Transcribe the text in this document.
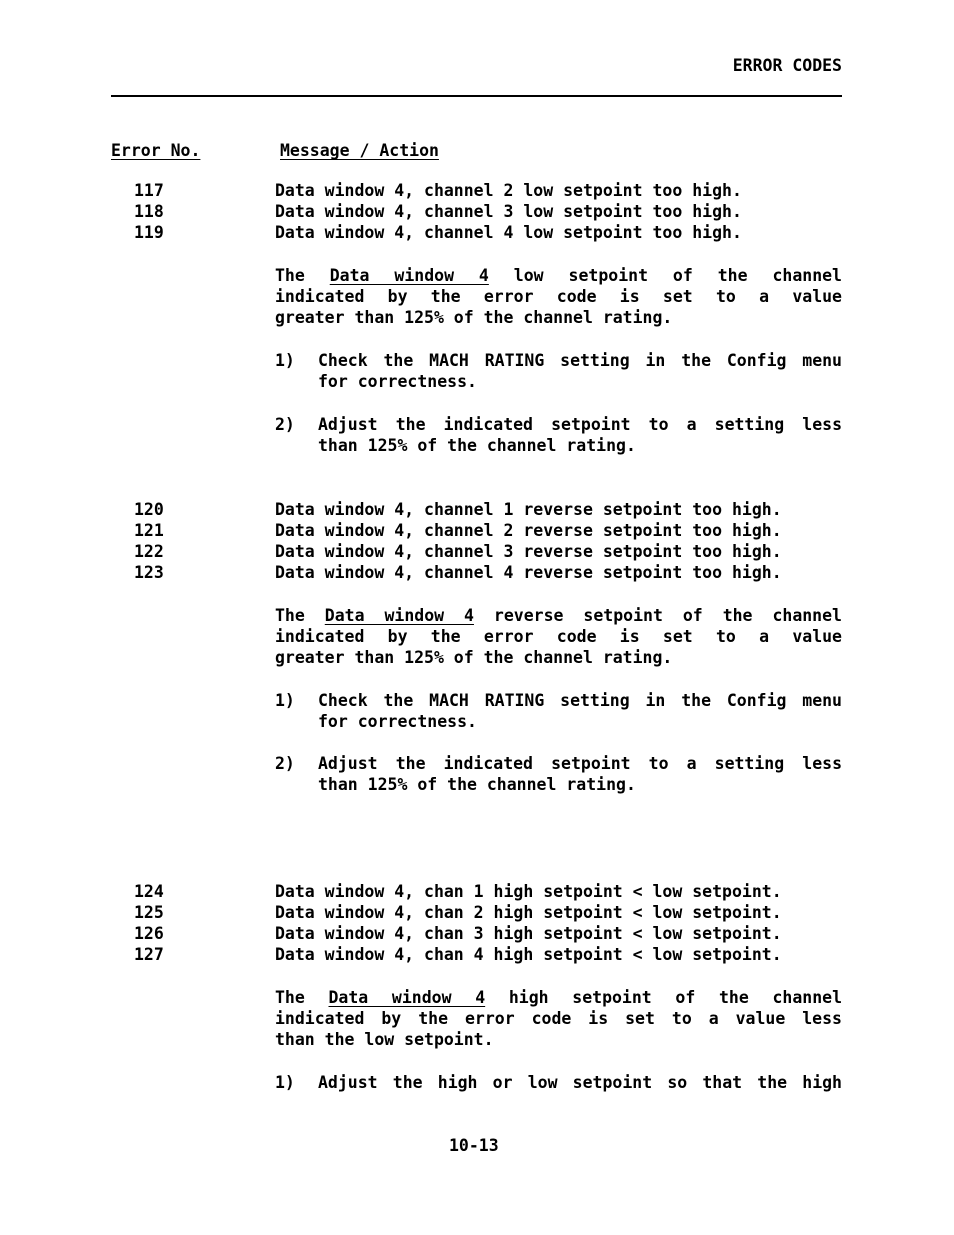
ERROR CODES
Error No.	Message / Action
117
118
119
Data window 4, channel 2 low setpoint too high.
Data window 4, channel 3 low setpoint too high.
Data window 4, channel 4 low setpoint too high.
The Data window 4 low setpoint of the channel
indicated by the error code is set to a value
greater than 125% of the channel rating.
1) Check the MACH RATING setting in the Config menu
for correctness.
2) Adjust the indicated setpoint to a setting less
than 125% of the channel rating.
120
121
122
123
Data window 4, channel 1 reverse setpoint too high.
Data window 4, channel 2 reverse setpoint too high.
Data window 4, channel 3 reverse setpoint too high.
Data window 4, channel 4 reverse setpoint too high.
The Data window 4 reverse setpoint of the channel
indicated by the error code is set to a value
greater than 125% of the channel rating.
1) Check the MACH RATING setting in the Config menu
for correctness.
2) Adjust the indicated setpoint to a setting less
than 125% of the channel rating.
124
125
126
127
Data window 4, chan 1 high setpoint < low setpoint.
Data window 4, chan 2 high setpoint < low setpoint.
Data window 4, chan 3 high setpoint < low setpoint.
Data window 4, chan 4 high setpoint < low setpoint.
The Data window 4 high setpoint of the channel
indicated by the error code is set to a value less
than the low setpoint.
1) Adjust the high or low setpoint so that the high
10-13
